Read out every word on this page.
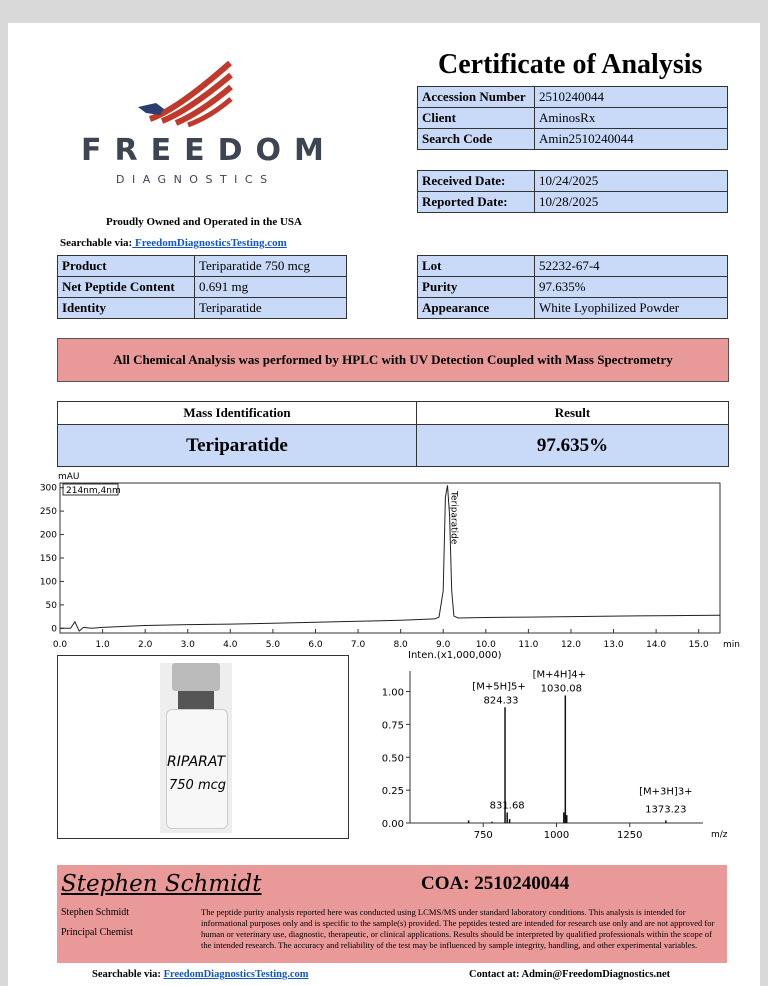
FREEDOM
DIAGNOSTICS
Proudly Owned and Operated in the USA
Searchable via: FreedomDiagnosticsTesting.com
Certificate of Analysis
Accession Number	2510240044
Client	AminosRx
Search Code	Amin2510240044
Received Date:	10/24/2025
Reported Date:	10/28/2025
Product	Teriparatide 750 mcg
Net Peptide Content	0.691 mg
Identity	Teriparatide
Lot	52232-67-4
Purity	97.635%
Appearance	White Lyophilized Powder
All Chemical Analysis was performed by HPLC with UV Detection Coupled with Mass Spectrometry
Mass Identification	Result
Teriparatide	97.635%
mAU
min
214nm,4nm
0.0	1.0	2.0	3.0	4.0	5.0	6.0	7.0	8.0	9.0	10.0	11.0	12.0	13.0	14.0	15.0
0
50
100
150
200
250
300
Teriparatide
RIPARAT
750 mcg
Inten.(x1,000,000)
m/z
0.00
0.25
0.50
0.75
1.00
750	1000	1250
[M+5H]5+
824.33
[M+4H]4+
1030.08
[M+3H]3+
1373.23
831.68
Stephen Schmidt	COA: 2510240044
Stephen Schmidt
Principal Chemist
The peptide purity analysis reported here was conducted using LCMS/MS under standard laboratory conditions. This analysis is intended for informational purposes only and is specific to the sample(s) provided. The peptides tested are intended for research use only and are not approved for human or veterinary use, diagnostic, therapeutic, or clinical applications. Results should be interpreted by qualified professionals within the scope of the intended research. The accuracy and reliability of the test may be influenced by sample integrity, handling, and other experimental variables.
Searchable via: FreedomDiagnosticsTesting.com	Contact at: Admin@FreedomDiagnostics.net
